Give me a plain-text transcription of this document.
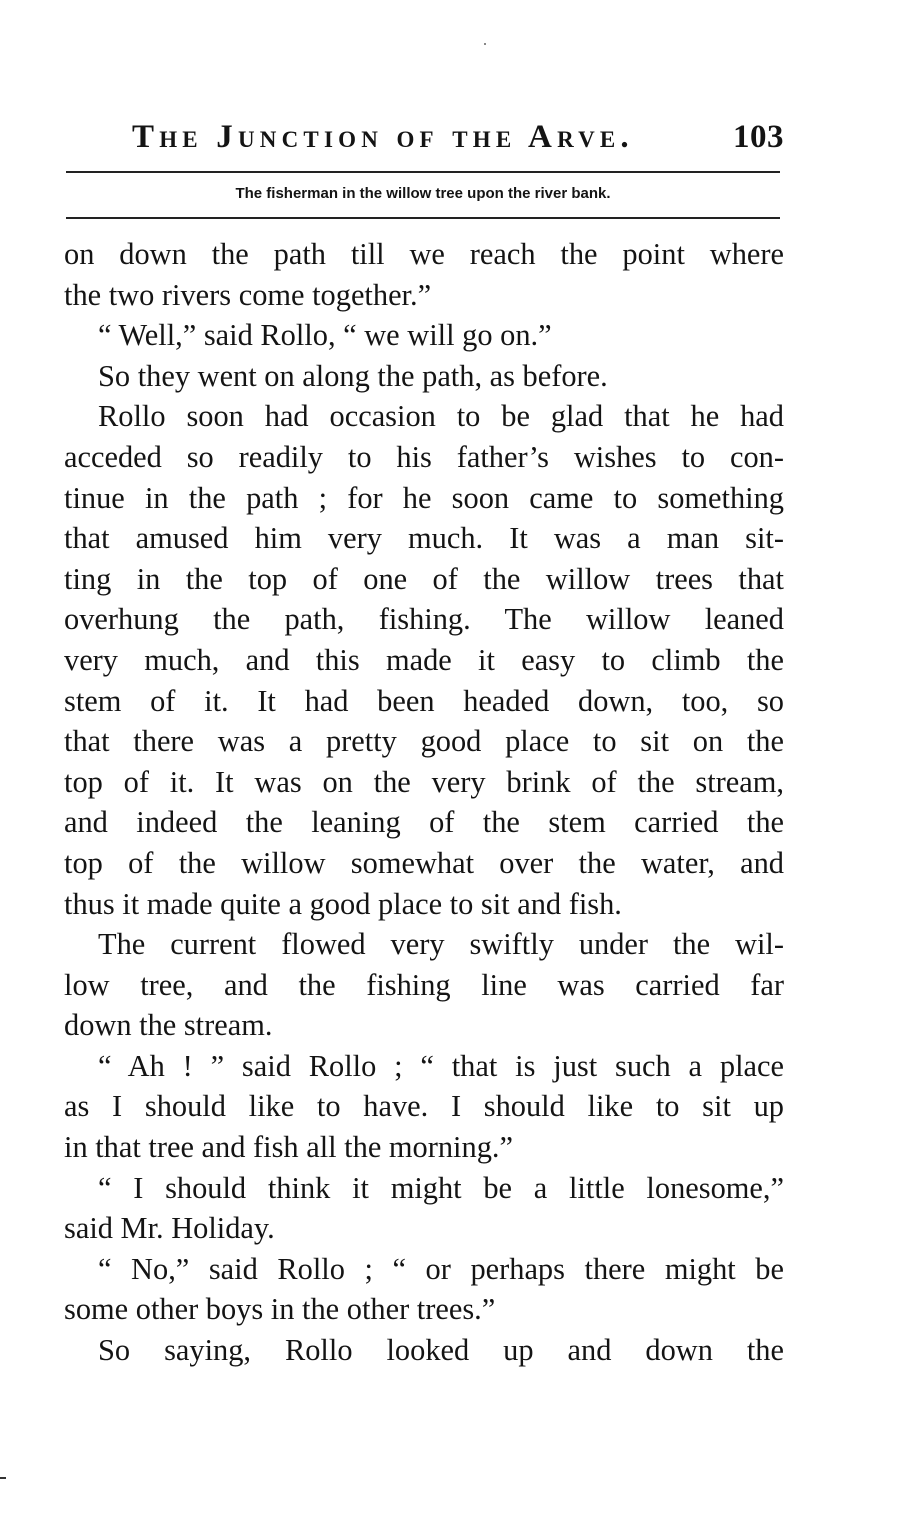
The Junction of the Arve.	103
The fisherman in the willow tree upon the river bank.
on down the path till we reach the point where
the two rivers come together.”
“ Well,” said Rollo, “ we will go on.”
So they went on along the path, as before.
Rollo soon had occasion to be glad that he had
acceded so readily to his father’s wishes to con-
tinue in the path ; for he soon came to something
that amused him very much. It was a man sit-
ting in the top of one of the willow trees that
overhung the path, fishing. The willow leaned
very much, and this made it easy to climb the
stem of it. It had been headed down, too, so
that there was a pretty good place to sit on the
top of it. It was on the very brink of the stream,
and indeed the leaning of the stem carried the
top of the willow somewhat over the water, and
thus it made quite a good place to sit and fish.
The current flowed very swiftly under the wil-
low tree, and the fishing line was carried far
down the stream.
“ Ah ! ” said Rollo ; “ that is just such a place
as I should like to have. I should like to sit up
in that tree and fish all the morning.”
“ I should think it might be a little lonesome,”
said Mr. Holiday.
“ No,” said Rollo ; “ or perhaps there might be
some other boys in the other trees.”
So saying, Rollo looked up and down the
